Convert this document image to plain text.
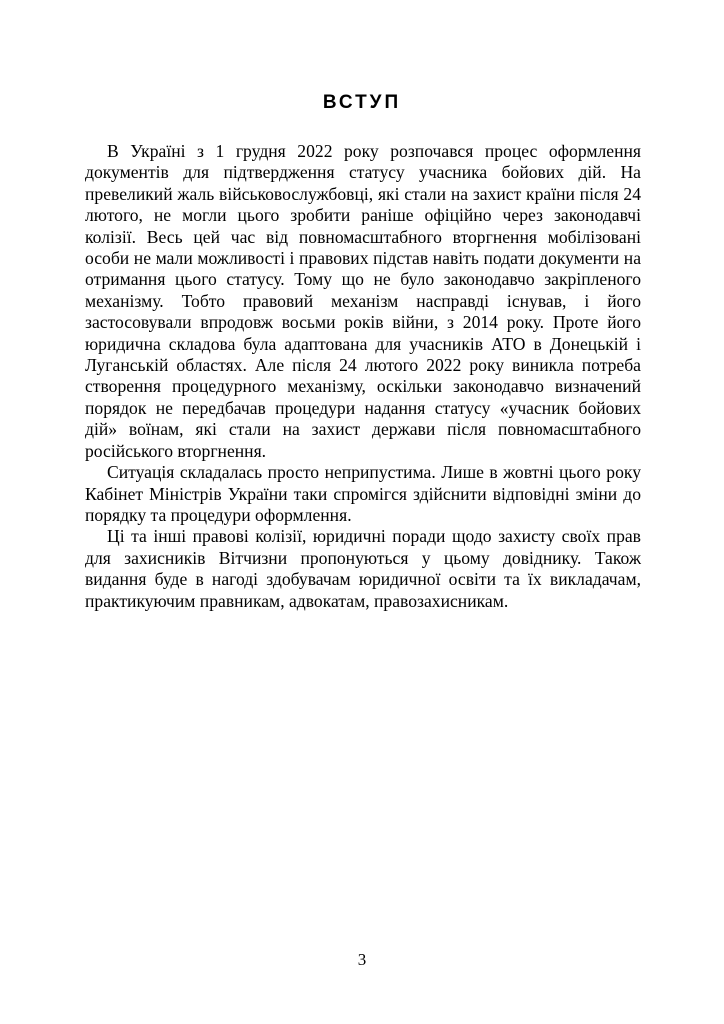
ВСТУП

В Україні з 1 грудня 2022 року розпочався процес оформлення документів для підтвердження статусу учасника бойових дій. На превеликий жаль військовослужбовці, які стали на захист країни після 24 лютого, не могли цього зробити раніше офіційно через законодавчі колізії. Весь цей час від повномасштабного вторгнення мобілізовані особи не мали можливості і правових підстав навіть подати документи на отримання цього статусу. Тому що не було законодавчо закріпленого механізму. Тобто правовий механізм насправді існував, і його застосовували впродовж восьми років війни, з 2014 року. Проте його юридична складова була адаптована для учасників АТО в Донецькій і Луганській областях. Але після 24 лютого 2022 року виникла потреба створення процедурного механізму, оскільки законодавчо визначений порядок не передбачав процедури надання статусу «учасник бойових дій» воїнам, які стали на захист держави після повномасштабного російського вторгнення.

Ситуація складалась просто неприпустима. Лише в жовтні цього року Кабінет Міністрів України таки спромігся здійснити відповідні зміни до порядку та процедури оформлення.

Ці та інші правові колізії, юридичні поради щодо захисту своїх прав для захисників Вітчизни пропонуються у цьому довіднику. Також видання буде в нагоді здобувачам юридичної освіти та їх викладачам, практикуючим правникам, адвокатам, правозахисникам.

3
